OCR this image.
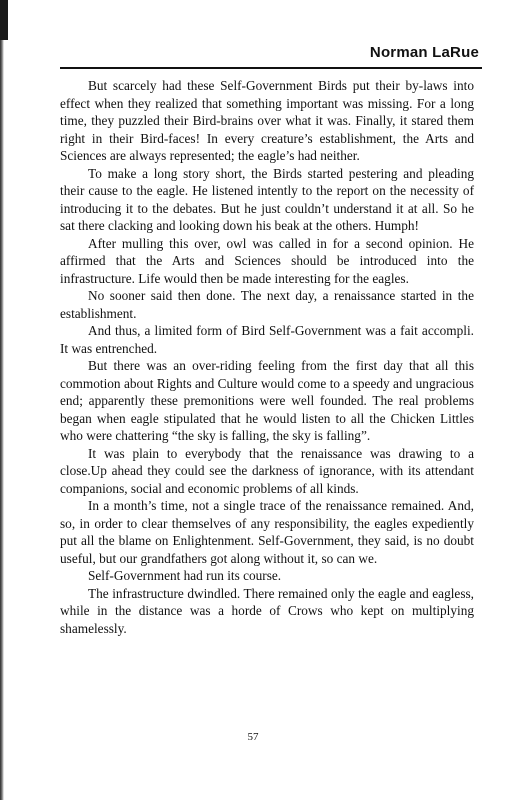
Norman LaRue

But scarcely had these Self-Government Birds put their by-laws into effect when they realized that something important was missing. For a long time, they puzzled their Bird-brains over what it was. Finally, it stared them right in their Bird-faces! In every creature’s establishment, the Arts and Sciences are always represented; the eagle’s had neither.

To make a long story short, the Birds started pestering and pleading their cause to the eagle. He listened intently to the report on the necessity of introducing it to the debates. But he just couldn’t understand it at all. So he sat there clacking and looking down his beak at the others. Humph!

After mulling this over, owl was called in for a second opinion. He affirmed that the Arts and Sciences should be introduced into the infrastructure. Life would then be made interesting for the eagles.

No sooner said then done. The next day, a renaissance started in the establishment.

And thus, a limited form of Bird Self-Government was a fait accompli. It was entrenched.

But there was an over-riding feeling from the first day that all this commotion about Rights and Culture would come to a speedy and ungracious end; apparently these premonitions were well founded. The real problems began when eagle stipulated that he would listen to all the Chicken Littles who were chattering “the sky is falling, the sky is falling”.

It was plain to everybody that the renaissance was drawing to a close.Up ahead they could see the darkness of ignorance, with its attendant companions, social and economic problems of all kinds.

In a month’s time, not a single trace of the renaissance remained. And, so, in order to clear themselves of any responsibility, the eagles expediently put all the blame on Enlightenment. Self-Government, they said, is no doubt useful, but our grandfathers got along without it, so can we.

Self-Government had run its course.

The infrastructure dwindled. There remained only the eagle and eagless, while in the distance was a horde of Crows who kept on multiplying shamelessly.

57
